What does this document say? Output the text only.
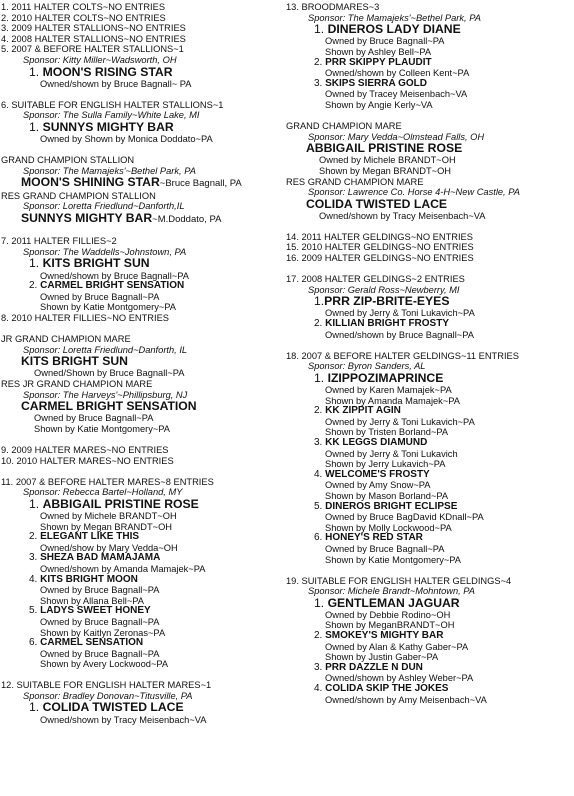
1. 2011 HALTER COLTS~NO ENTRIES
2. 2010 HALTER COLTS~NO ENTRIES
3. 2009 HALTER STALLIONS~NO ENTRIES
4. 2008 HALTER STALLIONS~NO ENTRIES
5. 2007 & BEFORE HALTER STALLIONS~1
Sponsor: Kitty Miller~Wadsworth, OH
1. MOON'S RISING STAR
Owned/shown by Bruce Bagnall~ PA
6. SUITABLE FOR ENGLISH HALTER STALLIONS~1
Sponsor: The Sulla Family~White Lake, MI
1. SUNNYS MIGHTY BAR
Owned by Shown by Monica Doddato~PA
GRAND CHAMPION STALLION
Sponsor: The Mamajeks'~Bethel Park, PA
MOON'S SHINING STAR~Bruce Bagnall, PA
RES GRAND CHAMPION STALLION
Sponsor: Loretta Friedlund~Danforth,IL
SUNNYS MIGHTY BAR~M.Doddato, PA
7. 2011 HALTER FILLIES~2
Sponsor: The Waddells~Johnstown, PA
1. KITS BRIGHT SUN
Owned/shown by Bruce Bagnall~PA
2. CARMEL BRIGHT SENSATION
Owned by Bruce Bagnall~PA
Shown by Katie Montgomery~PA
8. 2010 HALTER FILLIES~NO ENTRIES
JR GRAND CHAMPION MARE
Sponsor: Loretta Friedlund~Danforth, IL
KITS BRIGHT SUN
Owned/Shown by Bruce Bagnall~PA
RES JR GRAND CHAMPION MARE
Sponsor: The Harveys'~Phillipsburg, NJ
CARMEL BRIGHT SENSATION
Owned by Bruce Bagnall~PA
Shown by Katie Montgomery~PA
9. 2009 HALTER MARES~NO ENTRIES
10. 2010 HALTER MARES~NO ENTRIES
11. 2007 & BEFORE HALTER MARES~8 ENTRIES
Sponsor: Rebecca Bartel~Holland, MY
1. ABBIGAIL PRISTINE ROSE
Owned by Michele BRANDT~OH
Shown by Megan BRANDT~OH
2. ELEGANT LIKE THIS
Owned/show by Mary Vedda~OH
3. SHEZA BAD MAMAJAMA
Owned/shown by Amanda Mamajek~PA
4. KITS BRIGHT MOON
Owned by Bruce Bagnall~PA
Shown by Allana Bell~PA
5. LADYS SWEET HONEY
Owned by Bruce Bagnall~PA
Shown by Kaitlyn Zeronas~PA
6. CARMEL SENSATION
Owned by Bruce Bagnall~PA
Shown by Avery Lockwood~PA
12. SUITABLE FOR ENGLISH HALTER MARES~1
Sponsor: Bradley Donovan~Titusville, PA
1. COLIDA TWISTED LACE
Owned/shown by Tracy Meisenbach~VA
13. BROODMARES~3
Sponsor: The Mamajeks'~Bethel Park, PA
1. DINEROS LADY DIANE
Owned by Bruce Bagnall~PA
Shown by Ashley Bell~PA
2. PRR SKIPPY PLAUDIT
Owned/shown by Colleen Kent~PA
3. SKIPS SIERRA GOLD
Owned by Tracey Meisenbach~VA
Shown by Angie Kerly~VA
GRAND CHAMPION MARE
Sponsor: Mary Vedda~Olmstead Falls, OH
ABBIGAIL PRISTINE ROSE
Owned by Michele BRANDT~OH
Shown by Megan BRANDT~OH
RES GRAND CHAMPION MARE
Sponsor: Lawrence Co. Horse 4-H~New Castle, PA
COLIDA TWISTED LACE
Owned/shown by Tracy Meisenbach~VA
14. 2011 HALTER GELDINGS~NO ENTRIES
15. 2010 HALTER GELDINGS~NO ENTRIES
16. 2009 HALTER GELDINGS~NO ENTRIES
17. 2008 HALTER GELDINGS~2 ENTRIES
Sponsor: Gerald Ross~Newberry, MI
1.PRR ZIP-BRITE-EYES
Owned by Jerry & Toni Lukavich~PA
2. KILLIAN BRIGHT FROSTY
Owned/shown by Bruce Bagnall~PA
18. 2007 & BEFORE HALTER GELDINGS~11 ENTRIES
Sponsor: Byron Sanders, AL
1. IZIPPOZIMAPRINCE
Owned by Karen Mamajek~PA
Shown by Amanda Mamajek~PA
2. KK ZIPPIT AGIN
Owned by Jerry & Toni Lukavich~PA
Shown by Tristen Borland~PA
3. KK LEGGS DIAMUND
Owned by Jerry & Toni Lukavich
Shown by Jerry Lukavich~PA
4. WELCOME'S FROSTY
Owned by Amy Snow~PA
Shown by Mason Borland~PA
5. DINEROS BRIGHT ECLIPSE
Owned by Bruce BagDavid KDnall~PA
Shown by Molly Lockwood~PA
6. HONEY'S RED STAR
Owned by Bruce Bagnall~PA
Shown by Katie Montgomery~PA
19. SUITABLE FOR ENGLISH HALTER GELDINGS~4
Sponsor: Michele Brandt~Mohntown, PA
1. GENTLEMAN JAGUAR
Owned by Debbie Rodino~OH
Shown by MeganBRANDT~OH
2. SMOKEY'S MIGHTY BAR
Owned by Alan & Kathy Gaber~PA
Shown by Justin Gaber~PA
3. PRR DAZZLE N DUN
Owned/shown by Ashley Weber~PA
4. COLIDA SKIP THE JOKES
Owned/shown by Amy Meisenbach~VA
